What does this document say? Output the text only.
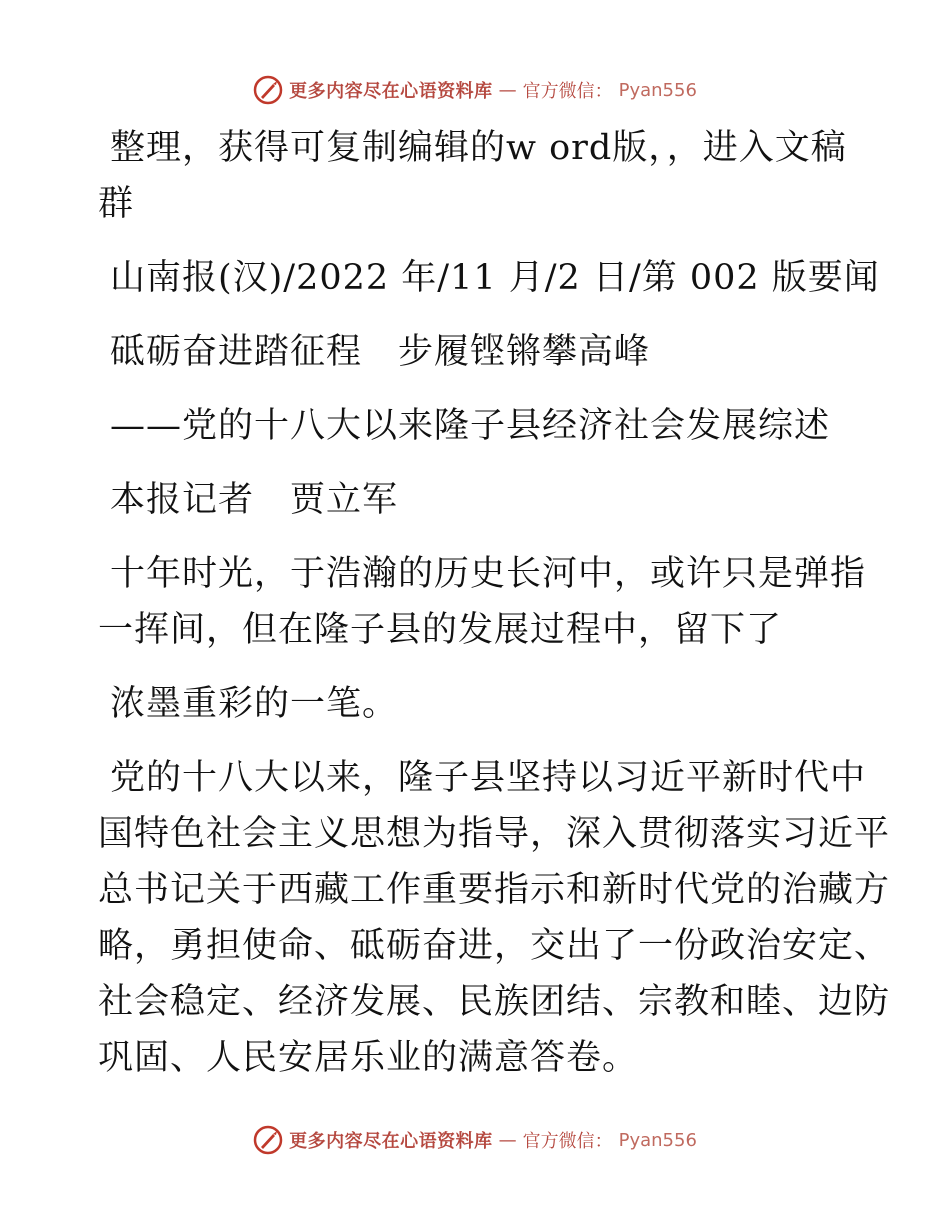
更多内容尽在心语资料库 — 官方微信： Pyan556
整理，获得可复制编辑的w ord版，，进入文稿
群
山南报(汉)/2022 年/11 月/2 日/第 002 版要闻
砥砺奋进踏征程　步履铿锵攀高峰
——党的十八大以来隆子县经济社会发展综述
本报记者　贾立军
十年时光，于浩瀚的历史长河中，或许只是弹指
一挥间，但在隆子县的发展过程中，留下了
浓墨重彩的一笔。
党的十八大以来，隆子县坚持以习近平新时代中
国特色社会主义思想为指导，深入贯彻落实习近平
总书记关于西藏工作重要指示和新时代党的治藏方
略，勇担使命、砥砺奋进，交出了一份政治安定、
社会稳定、经济发展、民族团结、宗教和睦、边防
巩固、人民安居乐业的满意答卷。
更多内容尽在心语资料库 — 官方微信： Pyan556
